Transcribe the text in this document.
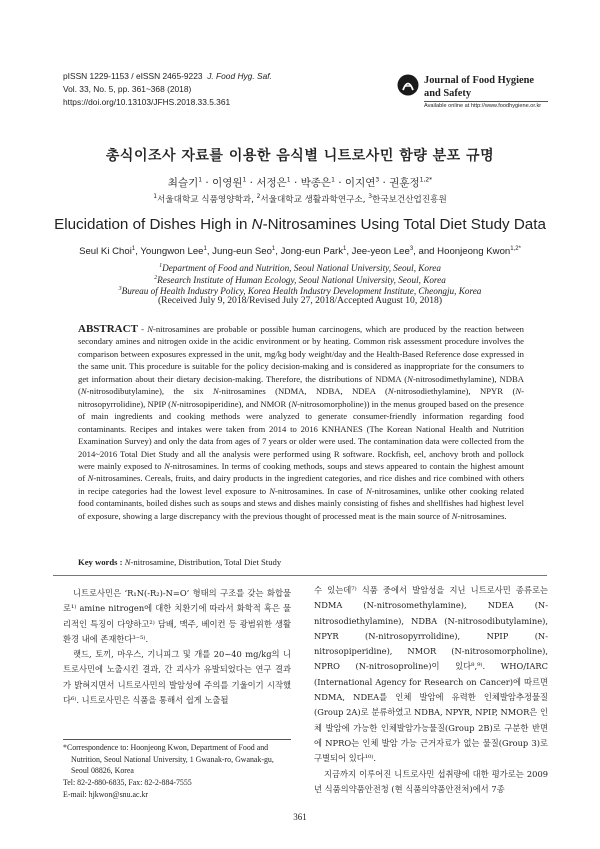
pISSN 1229-1153 / eISSN 2465-9223 J. Food Hyg. Saf.
Vol. 33, No. 5, pp. 361~368 (2018)
https://doi.org/10.13103/JFHS.2018.33.5.361
Journal of Food Hygiene
and Safety
Available online at http://www.foodhygiene.or.kr
총식이조사 자료를 이용한 음식별 니트로사민 함량 분포 규명
최슬기$^1$ · 이영원$^1$ · 서정은$^1$ · 박종은$^1$ · 이지연$^3$ · 권훈정$^{1,2*}$
$^1$서울대학교 식품영양학과, $^2$서울대학교 생활과학연구소, $^3$한국보건산업진흥원
Elucidation of Dishes High in N-Nitrosamines Using Total Diet Study Data
Seul Ki Choi$^1$, Youngwon Lee$^1$, Jung-eun Seo$^1$, Jong-eun Park$^1$, Jee-yeon Lee$^3$, and Hoonjeong Kwon$^{1,2*}$
$^1$Department of Food and Nutrition, Seoul National University, Seoul, Korea
$^2$Research Institute of Human Ecology, Seoul National University, Seoul, Korea
$^3$Bureau of Health Industry Policy, Korea Health Industry Development Institute, Cheongju, Korea
(Received July 9, 2018/Revised July 27, 2018/Accepted August 10, 2018)
ABSTRACT - N-nitrosamines are probable or possible human carcinogens, which are produced by the reaction between secondary amines and nitrogen oxide in the acidic environment or by heating. Common risk assessment procedure involves the comparison between exposures expressed in the unit, mg/kg body weight/day and the Health-Based Reference dose expressed in the same unit. This procedure is suitable for the policy decision-making and is considered as inappropriate for the consumers to get information about their dietary decision-making. Therefore, the distributions of NDMA (N-nitrosodimethylamine), NDBA (N-nitrosodibutylamine), the six N-nitrosamines (NDMA, NDBA, NDEA (N-nitrosodiethylamine), NPYR (N-nitrosopyrrolidine), NPIP (N-nitrosopiperidine), and NMOR (N-nitrosomorpholine)) in the menus grouped based on the presence of main ingredients and cooking methods were analyzed to generate consumer-friendly information regarding food contaminants. Recipes and intakes were taken from 2014 to 2016 KNHANES (The Korean National Health and Nutrition Examination Survey) and only the data from ages of 7 years or older were used. The contamination data were collected from the 2014~2016 Total Diet Study and all the analysis were performed using R software. Rockfish, eel, anchovy broth and pollock were mainly exposed to N-nitrosamines. In terms of cooking methods, soups and stews appeared to contain the highest amount of N-nitrosamines. Cereals, fruits, and dairy products in the ingredient categories, and rice dishes and rice combined with others in recipe categories had the lowest level exposure to N-nitrosamines. In case of N-nitrosamines, unlike other cooking related food contaminants, boiled dishes such as soups and stews and dishes mainly consisting of fishes and shellfishes had highest level of exposure, showing a large discrepancy with the previous thought of processed meat is the main source of N-nitrosamines.
Key words : N-nitrosamine, Distribution, Total Diet Study

니트로사민은 ‘R₁N(-R₂)-N=O’ 형태의 구조를 갖는 화합물로¹⁾ amine nitrogen에 대한 치환기에 따라서 화학적 혹은 물리적인 특징이 다양하고²⁾ 담배, 맥주, 베이컨 등 광범위한 생활환경 내에 존재한다³⁻⁵⁾.

랫드, 토끼, 마우스, 기니피그 및 개를 20~40 mg/kg의 니트로사민에 노출시킨 결과, 간 괴사가 유발되었다는 연구 결과가 밝혀지면서 니트로사민의 발암성에 주의를 기울이기 시작했다⁶⁾. 니트로사민은 식품을 통해서 쉽게 노출될

수 있는데⁷⁾ 식품 중에서 발암성을 지닌 니트로사민 종류로는 NDMA (N-nitrosomethylamine), NDEA (N-nitrosodiethylamine), NDBA (N-nitrosodibutylamine), NPYR (N-nitrosopyrrolidine), NPIP (N-nitrosopiperidine), NMOR (N-nitrosomorpholine), NPRO (N-nitrosoproline)이 있다⁸,⁹⁾. WHO/IARC (International Agency for Research on Cancer)에 따르면 NDMA, NDEA를 인체 발암에 유력한 인체발암추정물질(Group 2A)로 분류하였고 NDBA, NPYR, NPIP, NMOR은 인체 발암에 가능한 인체발암가능물질(Group 2B)로 구분한 반면에 NPRO는 인체 발암 가능 근거자료가 없는 물질(Group 3)로 구별되어 있다¹⁰⁾.

지금까지 이루어진 니트로사민 섭취량에 대한 평가로는 2009년 식품의약품안전청 (현 식품의약품안전처)에서 7종

*Correspondence to: Hoonjeong Kwon, Department of Food and
Nutrition, Seoul National University, 1 Gwanak-ro, Gwanak-gu,
Seoul 08826, Korea
Tel: 82-2-880-6835, Fax: 82-2-884-7555
E-mail: hjkwon@snu.ac.kr
361
